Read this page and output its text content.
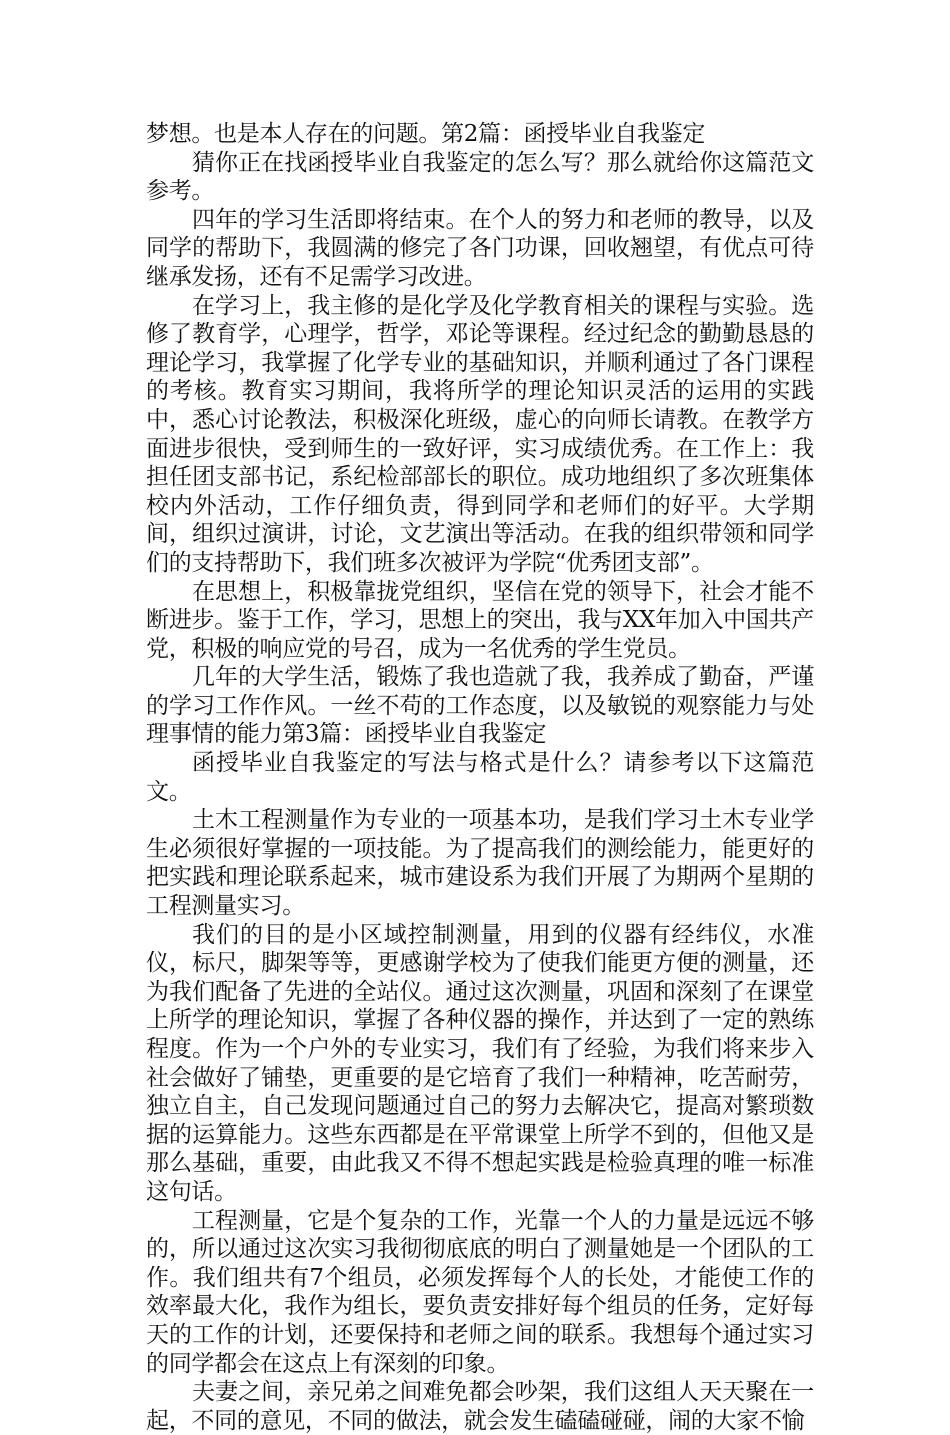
梦想。也是本人存在的问题。第2篇：函授毕业自我鉴定

猜你正在找函授毕业自我鉴定的怎么写？那么就给你这篇范文参考。

四年的学习生活即将结束。在个人的努力和老师的教导，以及同学的帮助下，我圆满的修完了各门功课，回收翘望，有优点可待继承发扬，还有不足需学习改进。

在学习上，我主修的是化学及化学教育相关的课程与实验。选修了教育学，心理学，哲学，邓论等课程。经过纪念的勤勤恳恳的理论学习，我掌握了化学专业的基础知识，并顺利通过了各门课程的考核。教育实习期间，我将所学的理论知识灵活的运用的实践中，悉心讨论教法，积极深化班级，虚心的向师长请教。在教学方面进步很快，受到师生的一致好评，实习成绩优秀。在工作上：我担任团支部书记，系纪检部部长的职位。成功地组织了多次班集体校内外活动，工作仔细负责，得到同学和老师们的好平。大学期间，组织过演讲，讨论，文艺演出等活动。在我的组织带领和同学们的支持帮助下，我们班多次被评为学院“优秀团支部”。

在思想上，积极靠拢党组织，坚信在党的领导下，社会才能不断进步。鉴于工作，学习，思想上的突出，我与XX年加入中国共产党，积极的响应党的号召，成为一名优秀的学生党员。

几年的大学生活，锻炼了我也造就了我，我养成了勤奋，严谨的学习工作作风。一丝不苟的工作态度，以及敏锐的观察能力与处理事情的能力第3篇：函授毕业自我鉴定

函授毕业自我鉴定的写法与格式是什么？请参考以下这篇范文。

土木工程测量作为专业的一项基本功，是我们学习土木专业学生必须很好掌握的一项技能。为了提高我们的测绘能力，能更好的把实践和理论联系起来，城市建设系为我们开展了为期两个星期的工程测量实习。

我们的目的是小区域控制测量，用到的仪器有经纬仪，水准仪，标尺，脚架等等，更感谢学校为了使我们能更方便的测量，还为我们配备了先进的全站仪。通过这次测量，巩固和深刻了在课堂上所学的理论知识，掌握了各种仪器的操作，并达到了一定的熟练程度。作为一个户外的专业实习，我们有了经验，为我们将来步入社会做好了铺垫，更重要的是它培育了我们一种精神，吃苦耐劳，独立自主，自己发现问题通过自己的努力去解决它，提高对繁琐数据的运算能力。这些东西都是在平常课堂上所学不到的，但他又是那么基础，重要，由此我又不得不想起实践是检验真理的唯一标准这句话。

工程测量，它是个复杂的工作，光靠一个人的力量是远远不够的，所以通过这次实习我彻彻底底的明白了测量她是一个团队的工作。我们组共有7个组员，必须发挥每个人的长处，才能使工作的效率最大化，我作为组长，要负责安排好每个组员的任务，定好每天的工作的计划，还要保持和老师之间的联系。我想每个通过实习的同学都会在这点上有深刻的印象。

夫妻之间，亲兄弟之间难免都会吵架，我们这组人天天聚在一起，不同的意见，不同的做法，就会发生磕磕碰碰，闹的大家不愉
